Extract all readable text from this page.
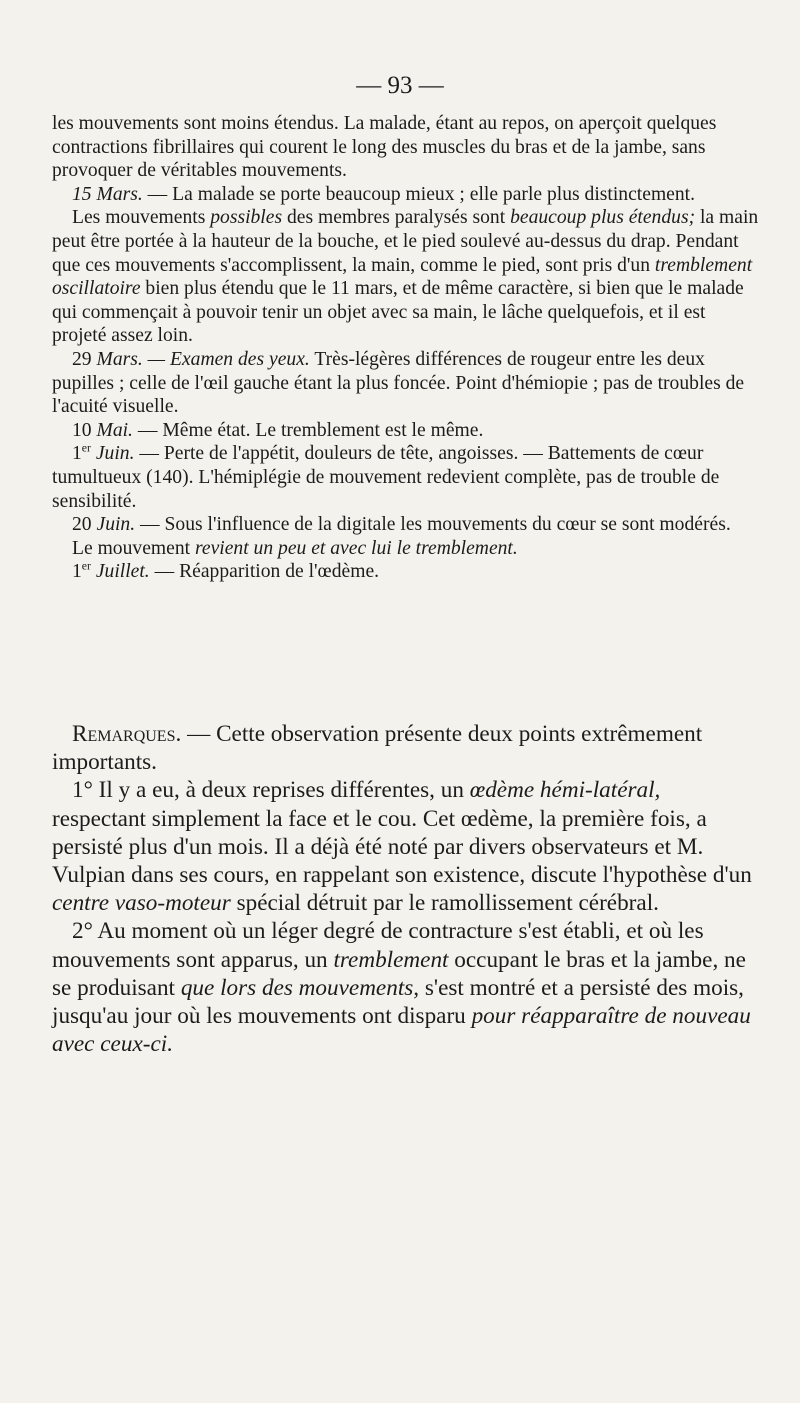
— 93 —

les mouvements sont moins étendus. La malade, étant au repos, on aperçoit quelques contractions fibrillaires qui courent le long des muscles du bras et de la jambe, sans provoquer de véritables mouvements.

15 Mars. — La malade se porte beaucoup mieux ; elle parle plus distinctement.

Les mouvements possibles des membres paralysés sont beaucoup plus étendus; la main peut être portée à la hauteur de la bouche, et le pied soulevé au-dessus du drap. Pendant que ces mouvements s'accomplissent, la main, comme le pied, sont pris d'un tremblement oscillatoire bien plus étendu que le 11 mars, et de même caractère, si bien que le malade qui commençait à pouvoir tenir un objet avec sa main, le lâche quelquefois, et il est projeté assez loin.

29 Mars. — Examen des yeux. Très-légères différences de rougeur entre les deux pupilles ; celle de l'œil gauche étant la plus foncée. Point d'hémiopie ; pas de troubles de l'acuité visuelle.

10 Mai. — Même état. Le tremblement est le même.

1er Juin. — Perte de l'appétit, douleurs de tête, angoisses. — Battements de cœur tumultueux (140). L'hémiplégie de mouvement redevient complète, pas de trouble de sensibilité.

20 Juin. — Sous l'influence de la digitale les mouvements du cœur se sont modérés.

Le mouvement revient un peu et avec lui le tremblement.

1er Juillet. — Réapparition de l'œdème.

Remarques. — Cette observation présente deux points extrêmement importants.

1° Il y a eu, à deux reprises différentes, un œdème hémi-latéral, respectant simplement la face et le cou. Cet œdème, la première fois, a persisté plus d'un mois. Il a déjà été noté par divers observateurs et M. Vulpian dans ses cours, en rappelant son existence, discute l'hypothèse d'un centre vaso-moteur spécial détruit par le ramollissement cérébral.

2° Au moment où un léger degré de contracture s'est établi, et où les mouvements sont apparus, un tremblement occupant le bras et la jambe, ne se produisant que lors des mouvements, s'est montré et a persisté des mois, jusqu'au jour où les mouvements ont disparu pour réapparaître de nouveau avec ceux-ci.
